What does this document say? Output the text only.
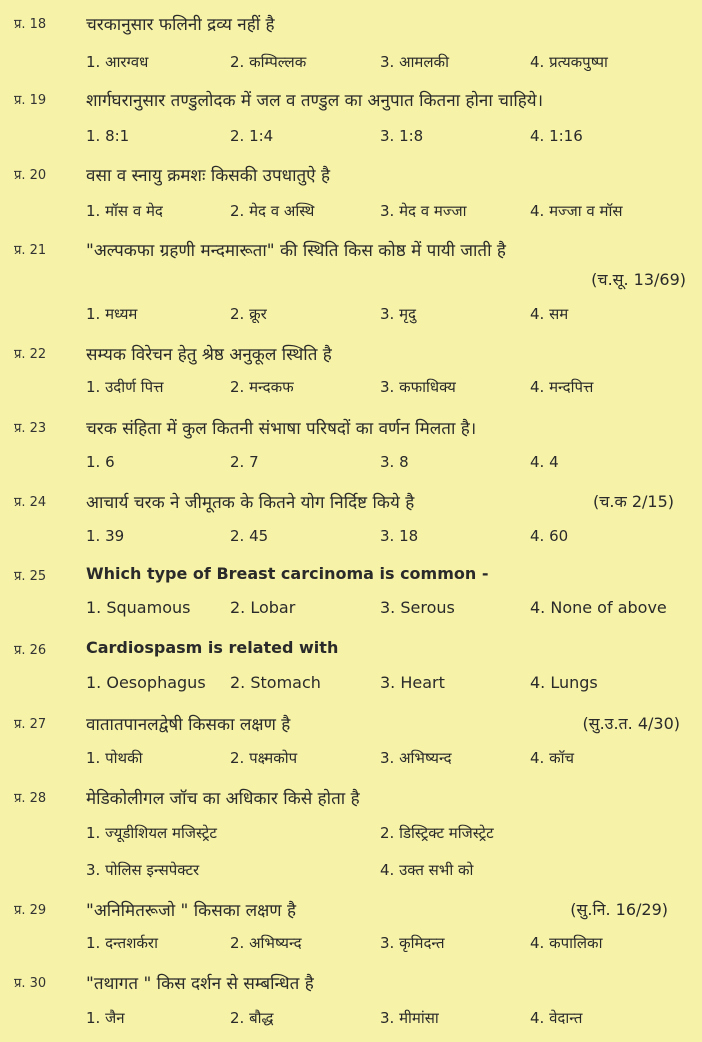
प्र. 18 चरकानुसार फलिनी द्रव्य नहीं है
1. आरग्वध	2. कम्पिल्लक	3. आमलकी	4. प्रत्यकपुष्पा
प्र. 19 शार्गघरानुसार तण्डुलोदक में जल व तण्डुल का अनुपात कितना होना चाहिये।
1. 8:1	2. 1:4	3. 1:8	4. 1:16
प्र. 20 वसा व स्नायु क्रमशः किसकी उपधातुऐ है
1. मॉस व मेद	2. मेद व अस्थि	3. मेद व मज्जा	4. मज्जा व मॉस
प्र. 21 "अल्पकफा ग्रहणी मन्दमारूता" की स्थिति किस कोष्ठ में पायी जाती है
(च.सू. 13/69)
1. मध्यम	2. क्रूर	3. मृदु	4. सम
प्र. 22 सम्यक विरेचन हेतु श्रेष्ठ अनुकूल स्थिति है
1. उदीर्ण पित्त	2. मन्दकफ	3. कफाधिक्य	4. मन्दपित्त
प्र. 23 चरक संहिता में कुल कितनी संभाषा परिषदों का वर्णन मिलता है।
1. 6	2. 7	3. 8	4. 4
प्र. 24 आचार्य चरक ने जीमूतक के कितने योग निर्दिष्ट किये है	(च.क 2/15)
1. 39	2. 45	3. 18	4. 60
प्र. 25 Which type of Breast carcinoma is common -
1. Squamous 2. Lobar	3. Serous	4. None of above
प्र. 26 Cardiospasm is related with
1. Oesophagus 2. Stomach	3. Heart	4. Lungs
प्र. 27 वातातपानलद्वेषी किसका लक्षण है	(सु.उ.त. 4/30)
1. पोथकी	2. पक्ष्मकोप	3. अभिष्यन्द	4. कॉच
प्र. 28 मेडिकोलीगल जॉच का अधिकार किसे होता है
1. ज्यूडीशियल मजिस्ट्रेट	2. डिस्ट्रिक्ट मजिस्ट्रेट
3. पोलिस इन्सपेक्टर	4. उक्त सभी को
प्र. 29 "अनिमितरूजो " किसका लक्षण है	(सु.नि. 16/29)
1. दन्तशर्करा	2. अभिष्यन्द	3. कृमिदन्त	4. कपालिका
प्र. 30 "तथागत " किस दर्शन से सम्बन्धित है
1. जैन	2. बौद्ध	3. मीमांसा	4. वेदान्त
